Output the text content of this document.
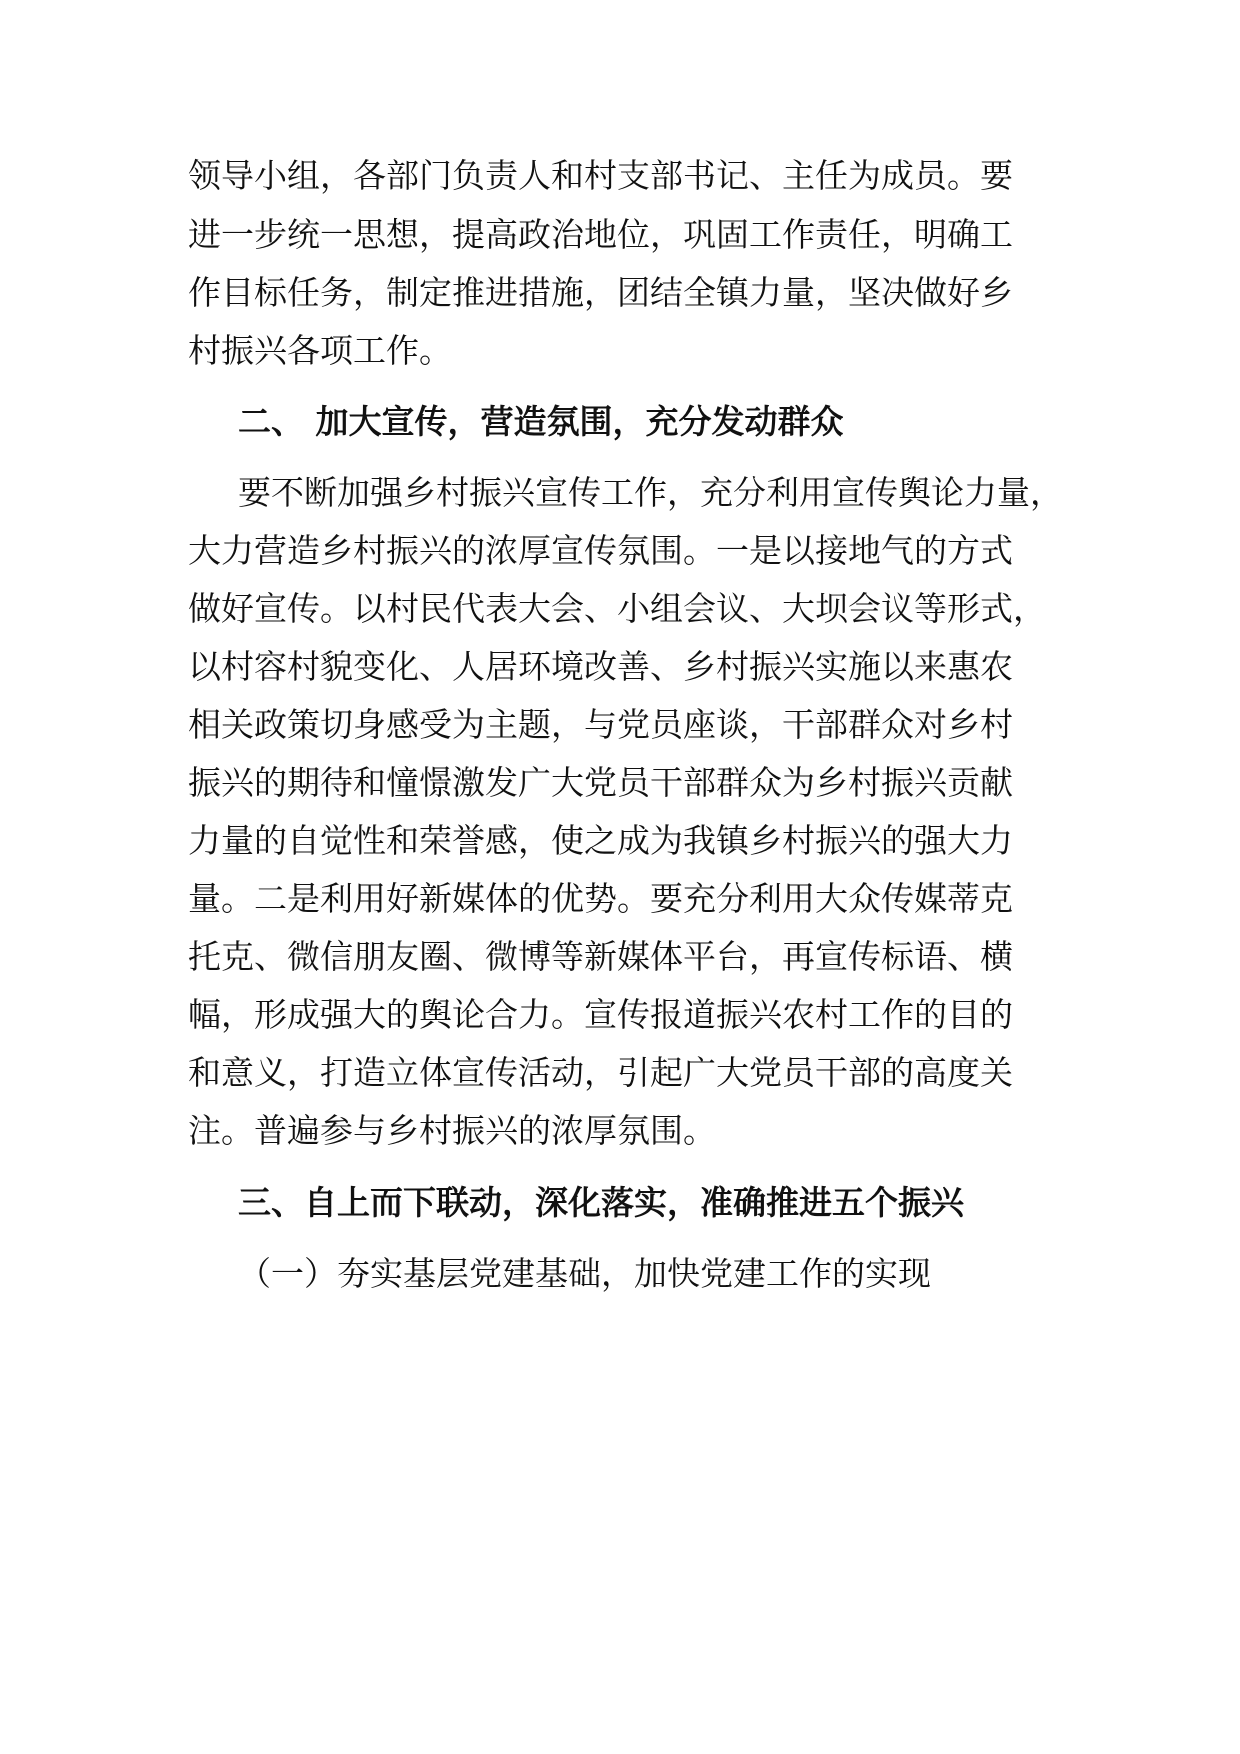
领导小组，各部门负责人和村支部书记、主任为成员。要
进一步统一思想，提高政治地位，巩固工作责任，明确工
作目标任务，制定推进措施，团结全镇力量，坚决做好乡
村振兴各项工作。
二、 加大宣传，营造氛围，充分发动群众
要不断加强乡村振兴宣传工作，充分利用宣传舆论力量，
大力营造乡村振兴的浓厚宣传氛围。一是以接地气的方式
做好宣传。以村民代表大会、小组会议、大坝会议等形式，
以村容村貌变化、人居环境改善、乡村振兴实施以来惠农
相关政策切身感受为主题，与党员座谈，干部群众对乡村
振兴的期待和憧憬激发广大党员干部群众为乡村振兴贡献
力量的自觉性和荣誉感，使之成为我镇乡村振兴的强大力
量。二是利用好新媒体的优势。要充分利用大众传媒蒂克
托克、微信朋友圈、微博等新媒体平台，再宣传标语、横
幅，形成强大的舆论合力。宣传报道振兴农村工作的目的
和意义，打造立体宣传活动，引起广大党员干部的高度关
注。普遍参与乡村振兴的浓厚氛围。
三、自上而下联动，深化落实，准确推进五个振兴
（一）夯实基层党建基础，加快党建工作的实现
